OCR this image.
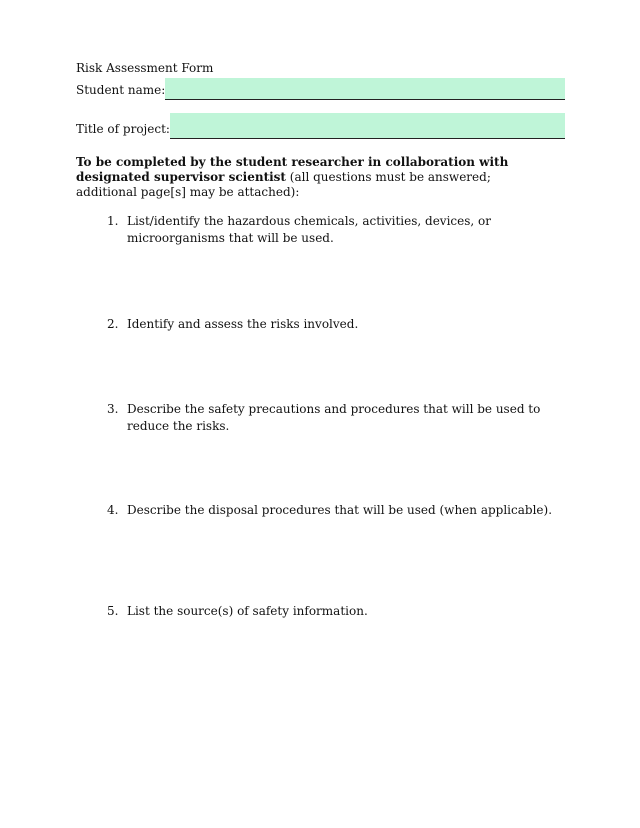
Risk Assessment Form
Student name:
Title of project:
To be completed by the student researcher in collaboration with designated supervisor scientist (all questions must be answered; additional page[s] may be attached):
1. List/identify the hazardous chemicals, activities, devices, or microorganisms that will be used.
2. Identify and assess the risks involved.
3. Describe the safety precautions and procedures that will be used to reduce the risks.
4. Describe the disposal procedures that will be used (when applicable).
5. List the source(s) of safety information.
